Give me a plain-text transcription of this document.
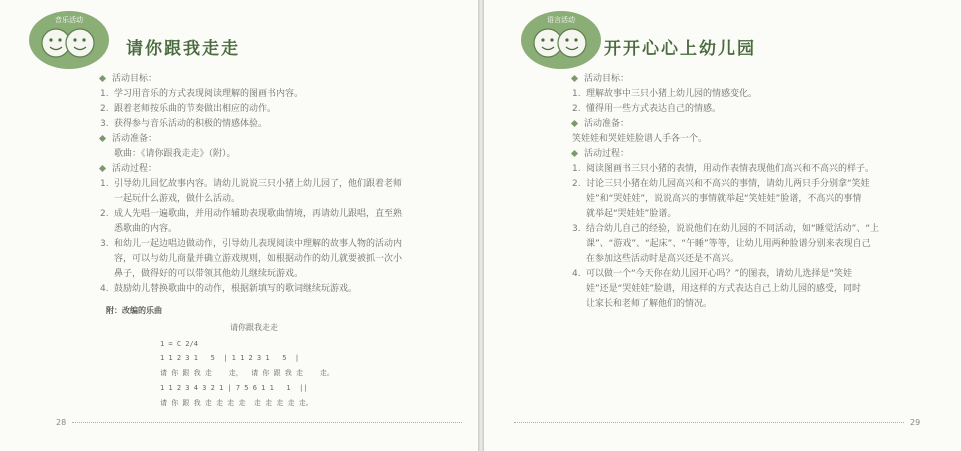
音乐活动
请你跟我走走
活动目标：
1. 学习用音乐的方式表现阅读理解的图画书内容。
2. 跟着老师按乐曲的节奏做出相应的动作。
3. 获得参与音乐活动的积极的情感体验。
活动准备：
歌曲：《请你跟我走走》（附）。
活动过程：
1. 引导幼儿回忆故事内容。请幼儿说说三只小猪上幼儿园了，他们跟着老师
一起玩什么游戏，做什么活动。
2. 成人先唱一遍歌曲，并用动作辅助表现歌曲情境，再请幼儿跟唱，直至熟
悉歌曲的内容。
3. 和幼儿一起边唱边做动作，引导幼儿表现阅读中理解的故事人物的活动内
容，可以与幼儿商量并确立游戏规则，如根据动作的幼儿就要被抓一次小
鼻子，做得好的可以带领其他幼儿继续玩游戏。
4. 鼓励幼儿替换歌曲中的动作，根据新填写的歌词继续玩游戏。
附：改编的乐曲
请你跟我走走
1 = C 2/4
1 1 2 3 1   5  | 1 1 2 3 1   5  |
请 你 跟 我 走    走，  请 你 跟 我 走    走。
1 1 2 3 4 3 2 1 | 7 5 6 1 1   1  ||
请 你 跟 我 走 走 走 走  走 走 走 走 走。
28
语言活动
开开心心上幼儿园
活动目标：
1. 理解故事中三只小猪上幼儿园的情感变化。
2. 懂得用一些方式表达自己的情感。
活动准备：
笑娃娃和哭娃娃脸谱人手各一个。
活动过程：
1. 阅读图画书三只小猪的表情，用动作表情表现他们高兴和不高兴的样子。
2. 讨论三只小猪在幼儿园高兴和不高兴的事情，请幼儿两只手分别拿“笑娃
娃”和“哭娃娃”，说说高兴的事情就举起“笑娃娃”脸谱，不高兴的事情
就举起“哭娃娃”脸谱。
3. 结合幼儿自己的经验，说说他们在幼儿园的不同活动，如“睡觉活动”、“上
课”、“游戏”、“起床”、“午睡”等等，让幼儿用两种脸谱分别来表现自己
在参加这些活动时是高兴还是不高兴。
4. 可以做一个“今天你在幼儿园开心吗？”的图表，请幼儿选择是“笑娃
娃”还是“哭娃娃”脸谱，用这样的方式表达自己上幼儿园的感受，同时
让家长和老师了解他们的情况。
29
